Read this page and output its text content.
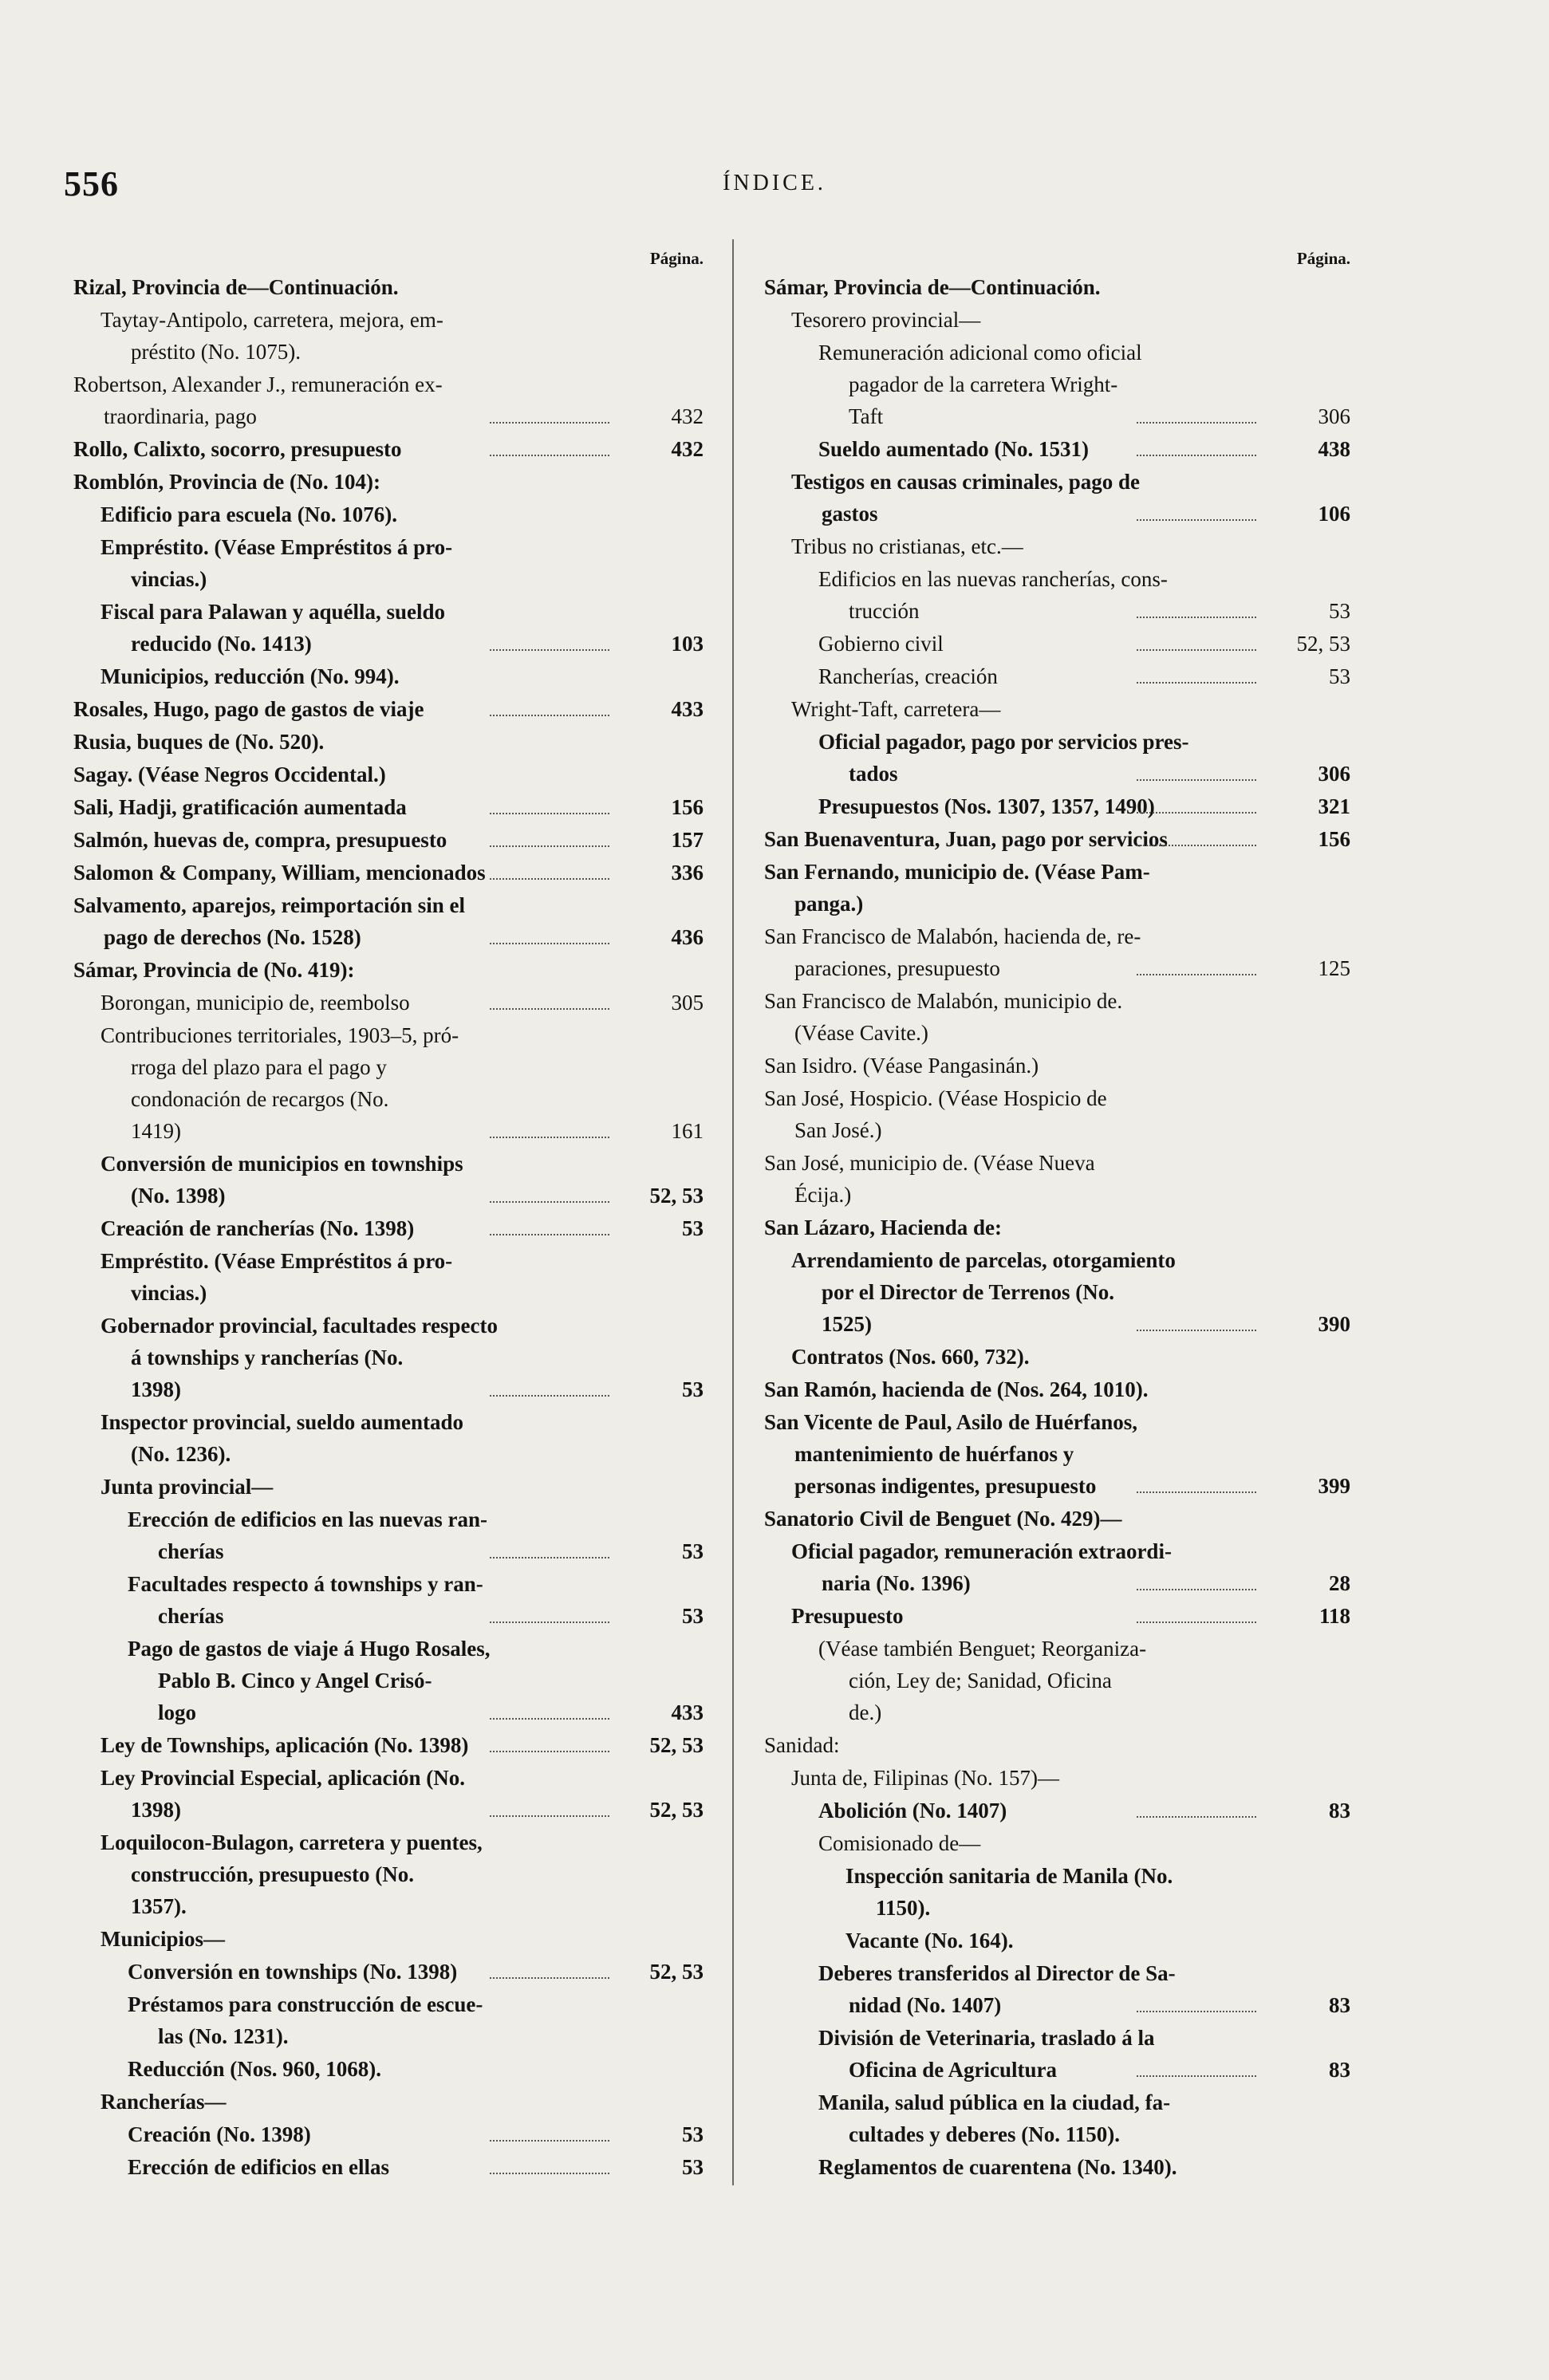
556	ÍNDICE.
Página.
Rizal, Provincia de—Continuación.
Taytay-Antipolo, carretera, mejora, em-
préstito (No. 1075).
Robertson, Alexander J., remuneración ex-
traordinaria, pago	432
Rollo, Calixto, socorro, presupuesto	432
Romblón, Provincia de (No. 104):
Edificio para escuela (No. 1076).
Empréstito. (Véase Empréstitos á pro-
vincias.)
Fiscal para Palawan y aquélla, sueldo
reducido (No. 1413)	103
Municipios, reducción (No. 994).
Rosales, Hugo, pago de gastos de viaje	433
Rusia, buques de (No. 520).
Sagay. (Véase Negros Occidental.)
Sali, Hadji, gratificación aumentada	156
Salmón, huevas de, compra, presupuesto	157
Salomon & Company, William, mencionados	336
Salvamento, aparejos, reimportación sin el
pago de derechos (No. 1528)	436
Sámar, Provincia de (No. 419):
Borongan, municipio de, reembolso	305
Contribuciones territoriales, 1903–5, pró-
rroga del plazo para el pago y
condonación de recargos (No.
1419)	161
Conversión de municipios en townships
(No. 1398)	52, 53
Creación de rancherías (No. 1398)	53
Empréstito. (Véase Empréstitos á pro-
vincias.)
Gobernador provincial, facultades respecto
á townships y rancherías (No.
1398)	53
Inspector provincial, sueldo aumentado
(No. 1236).
Junta provincial—
Erección de edificios en las nuevas ran-
cherías	53
Facultades respecto á townships y ran-
cherías	53
Pago de gastos de viaje á Hugo Rosales,
Pablo B. Cinco y Angel Crisó-
logo	433
Ley de Townships, aplicación (No. 1398)	52, 53
Ley Provincial Especial, aplicación (No.
1398)	52, 53
Loquilocon-Bulagon, carretera y puentes,
construcción, presupuesto (No.
1357).
Municipios—
Conversión en townships (No. 1398)	52, 53
Préstamos para construcción de escue-
las (No. 1231).
Reducción (Nos. 960, 1068).
Rancherías—
Creación (No. 1398)	53
Erección de edificios en ellas	53
Página.
Sámar, Provincia de—Continuación.
Tesorero provincial—
Remuneración adicional como oficial
pagador de la carretera Wright-
Taft	306
Sueldo aumentado (No. 1531)	438
Testigos en causas criminales, pago de
gastos	106
Tribus no cristianas, etc.—
Edificios en las nuevas rancherías, cons-
trucción	53
Gobierno civil	52, 53
Rancherías, creación	53
Wright-Taft, carretera—
Oficial pagador, pago por servicios pres-
tados	306
Presupuestos (Nos. 1307, 1357, 1490)	321
San Buenaventura, Juan, pago por servicios	156
San Fernando, municipio de. (Véase Pam-
panga.)
San Francisco de Malabón, hacienda de, re-
paraciones, presupuesto	125
San Francisco de Malabón, municipio de.
(Véase Cavite.)
San Isidro. (Véase Pangasinán.)
San José, Hospicio. (Véase Hospicio de
San José.)
San José, municipio de. (Véase Nueva
Écija.)
San Lázaro, Hacienda de:
Arrendamiento de parcelas, otorgamiento
por el Director de Terrenos (No.
1525)	390
Contratos (Nos. 660, 732).
San Ramón, hacienda de (Nos. 264, 1010).
San Vicente de Paul, Asilo de Huérfanos,
mantenimiento de huérfanos y
personas indigentes, presupuesto	399
Sanatorio Civil de Benguet (No. 429)—
Oficial pagador, remuneración extraordi-
naria (No. 1396)	28
Presupuesto	118
(Véase también Benguet; Reorganiza-
ción, Ley de; Sanidad, Oficina
de.)
Sanidad:
Junta de, Filipinas (No. 157)—
Abolición (No. 1407)	83
Comisionado de—
Inspección sanitaria de Manila (No.
1150).
Vacante (No. 164).
Deberes transferidos al Director de Sa-
nidad (No. 1407)	83
División de Veterinaria, traslado á la
Oficina de Agricultura	83
Manila, salud pública en la ciudad, fa-
cultades y deberes (No. 1150).
Reglamentos de cuarentena (No. 1340).
